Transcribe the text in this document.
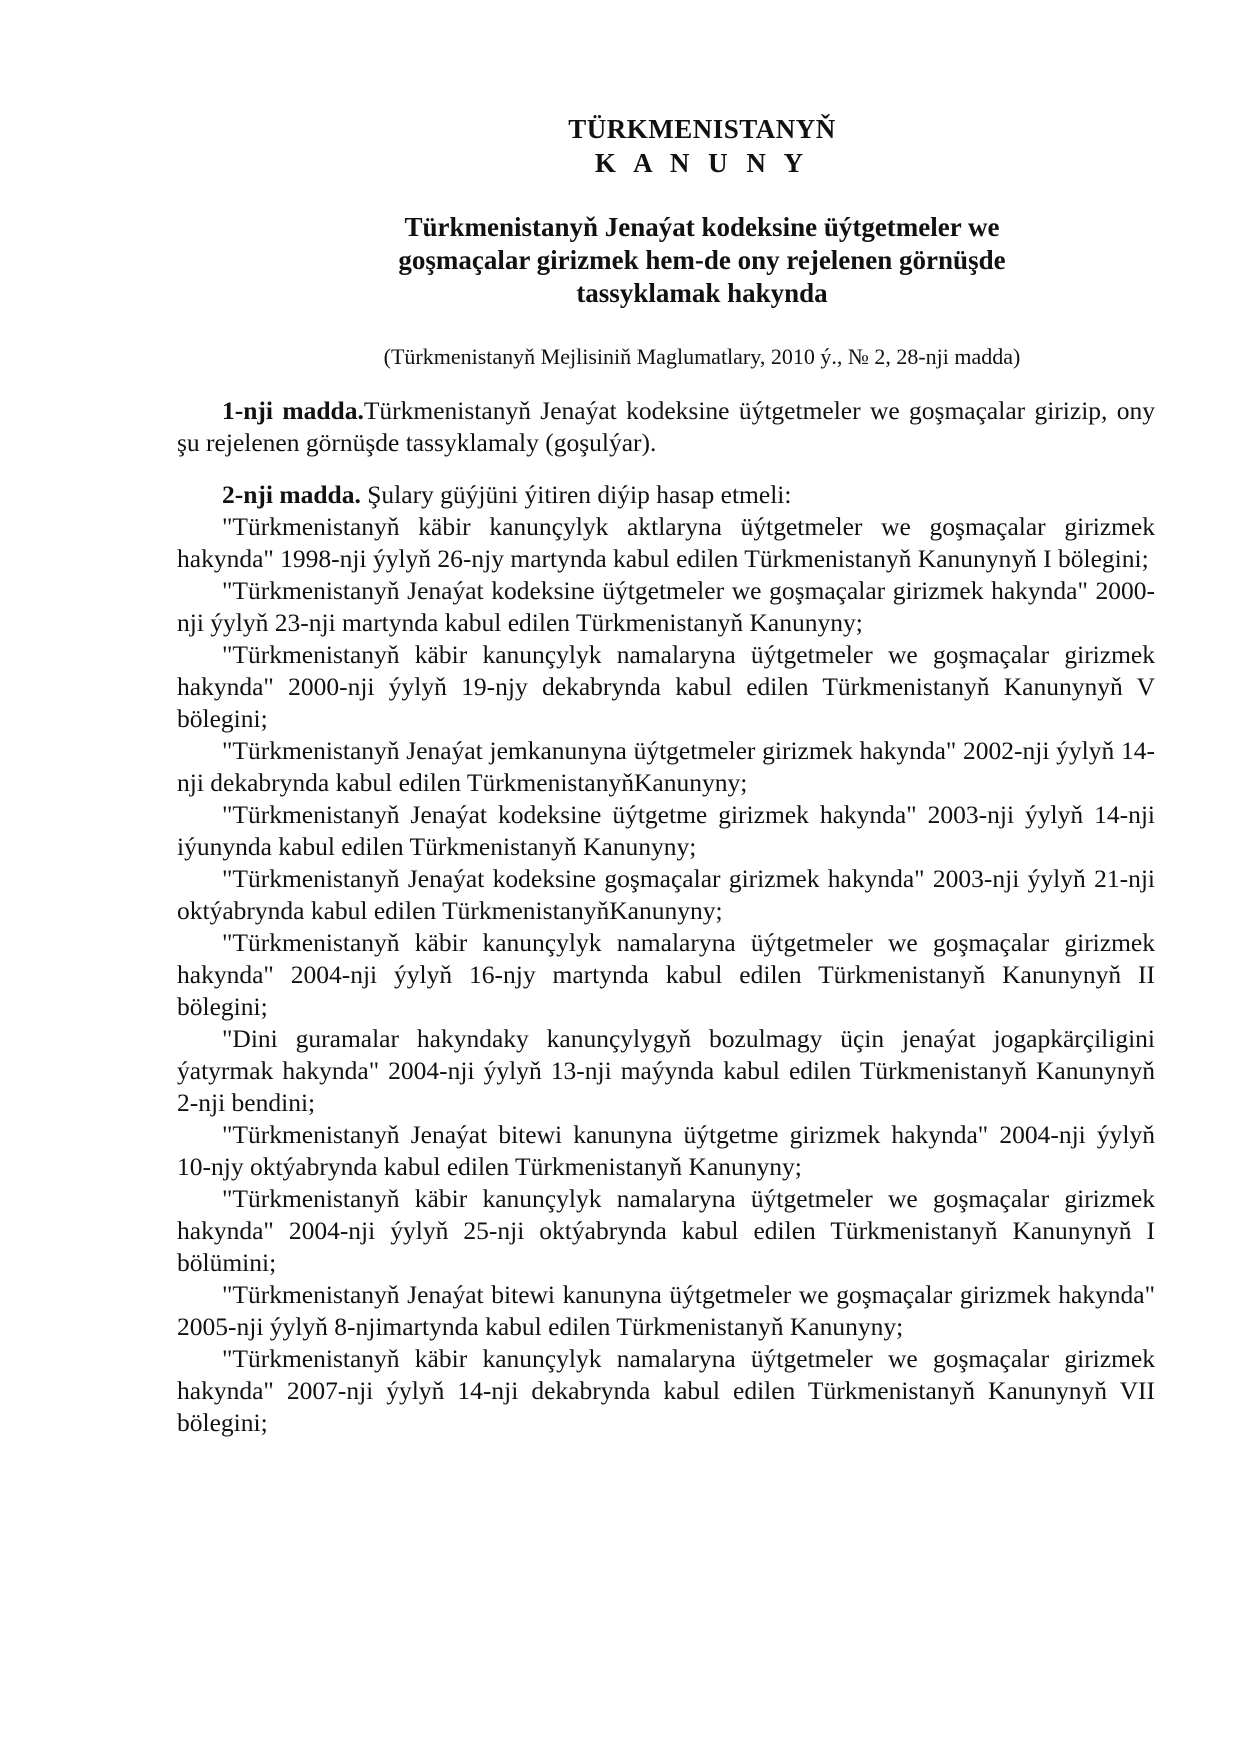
TÜRKMENISTANYŇ
K A N U N Y
Türkmenistanyň Jenaýat kodeksine üýtgetmeler we
goşmaçalar girizmek hem-de ony rejelenen görnüşde
tassyklamak hakynda
(Türkmenistanyň Mejlisiniň Maglumatlary, 2010 ý., № 2, 28-nji madda)

1-nji madda.Türkmenistanyň Jenaýat kodeksine üýtgetmeler we goşmaçalar girizip, ony şu rejelenen görnüşde tassyklamaly (goşulýar).

2-nji madda. Şulary güýjüni ýitiren diýip hasap etmeli:

"Türkmenistanyň käbir kanunçylyk aktlaryna üýtgetmeler we goşmaçalar girizmek hakynda" 1998-nji ýylyň 26-njy martynda kabul edilen Türkmenistanyň Kanunynyň I bölegini;

"Türkmenistanyň Jenaýat kodeksine üýtgetmeler we goşmaçalar girizmek hakynda" 2000-nji ýylyň 23-nji martynda kabul edilen Türkmenistanyň Kanunyny;

"Türkmenistanyň käbir kanunçylyk namalaryna üýtgetmeler we goşmaçalar girizmek hakynda" 2000-nji ýylyň 19-njy dekabrynda kabul edilen Türkmenistanyň Kanunynyň V bölegini;

"Türkmenistanyň Jenaýat jemkanunyna üýtgetmeler girizmek hakynda" 2002-nji ýylyň 14-nji dekabrynda kabul edilen TürkmenistanyňKanunyny;

"Türkmenistanyň Jenaýat kodeksine üýtgetme girizmek hakynda" 2003-nji ýylyň 14-nji iýunynda kabul edilen Türkmenistanyň Kanunyny;

"Türkmenistanyň Jenaýat kodeksine goşmaçalar girizmek hakynda" 2003-nji ýylyň 21-nji oktýabrynda kabul edilen TürkmenistanyňKanunyny;

"Türkmenistanyň käbir kanunçylyk namalaryna üýtgetmeler we goşmaçalar girizmek hakynda" 2004-nji ýylyň 16-njy martynda kabul edilen Türkmenistanyň Kanunynyň II bölegini;

"Dini guramalar hakyndaky kanunçylygyň bozulmagy üçin jenaýat jogapkärçiligini ýatyrmak hakynda" 2004-nji ýylyň 13-nji maýynda kabul edilen Türkmenistanyň Kanunynyň 2-nji bendini;

"Türkmenistanyň Jenaýat bitewi kanunyna üýtgetme girizmek hakynda" 2004-nji ýylyň 10-njy oktýabrynda kabul edilen Türkmenistanyň Kanunyny;

"Türkmenistanyň käbir kanunçylyk namalaryna üýtgetmeler we goşmaçalar girizmek hakynda" 2004-nji ýylyň 25-nji oktýabrynda kabul edilen Türkmenistanyň Kanunynyň I bölümini;

"Türkmenistanyň Jenaýat bitewi kanunyna üýtgetmeler we goşmaçalar girizmek hakynda" 2005-nji ýylyň 8-njimartynda kabul edilen Türkmenistanyň Kanunyny;

"Türkmenistanyň käbir kanunçylyk namalaryna üýtgetmeler we goşmaçalar girizmek hakynda" 2007-nji ýylyň 14-nji dekabrynda kabul edilen Türkmenistanyň Kanunynyň VII bölegini;
